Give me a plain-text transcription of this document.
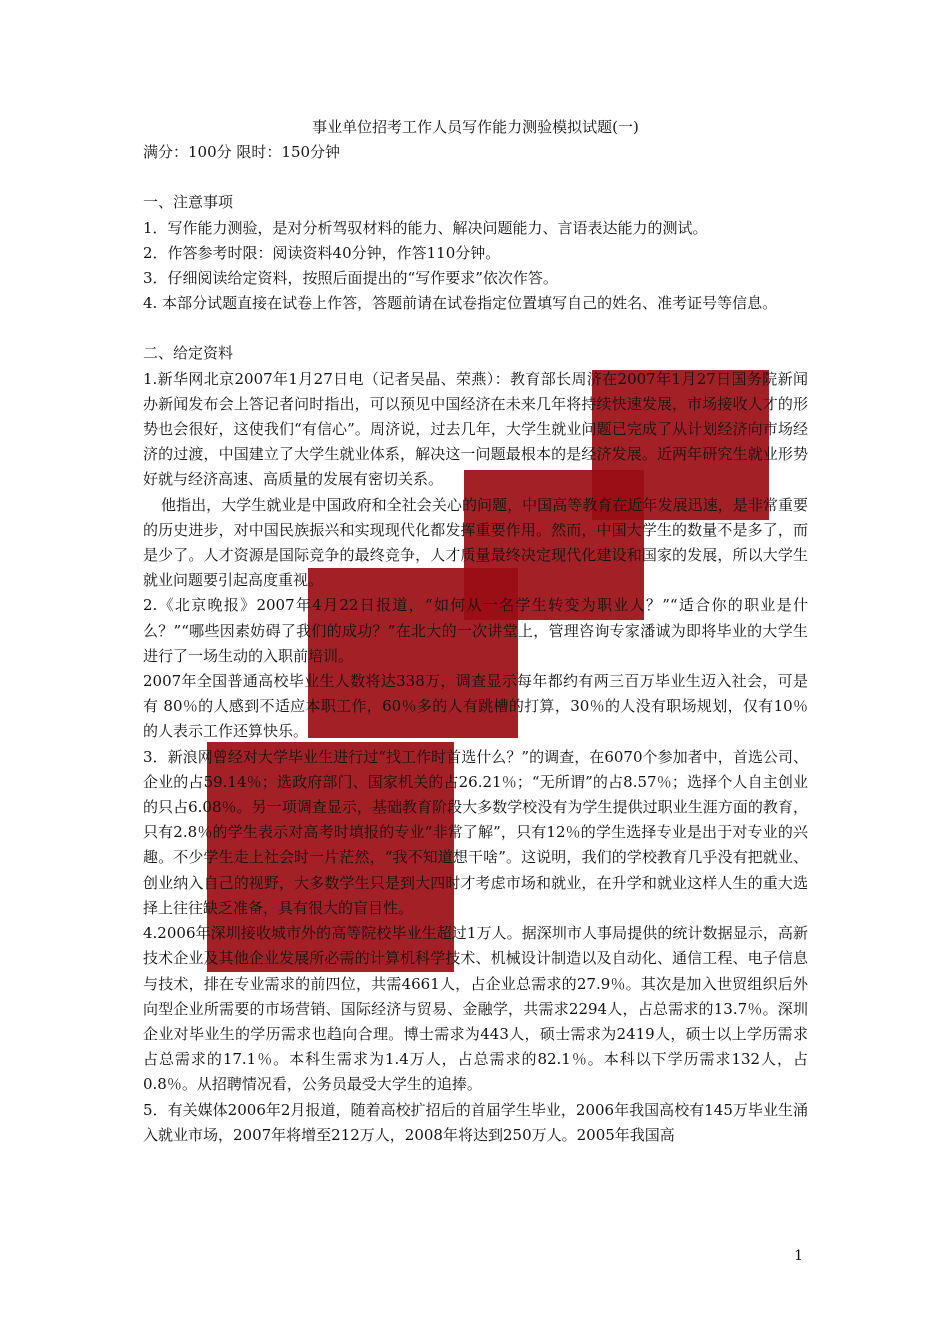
事业单位招考工作人员写作能力测验模拟试题(一)

满分：100分 限时：150分钟

一、注意事项

1．写作能力测验，是对分析驾驭材料的能力、解决问题能力、言语表达能力的测试。

2．作答参考时限：阅读资料40分钟，作答110分钟。

3．仔细阅读给定资料，按照后面提出的“写作要求”依次作答。

4. 本部分试题直接在试卷上作答，答题前请在试卷指定位置填写自己的姓名、准考证号等信息。

二、给定资料

1.新华网北京2007年1月27日电（记者吴晶、荣燕）：教育部长周济在2007年1月27日国务院新闻办新闻发布会上答记者问时指出，可以预见中国经济在未来几年将持续快速发展，市场接收人才的形势也会很好，这使我们“有信心”。周济说，过去几年，大学生就业问题已完成了从计划经济向市场经济的过渡，中国建立了大学生就业体系，解决这一问题最根本的是经济发展。近两年研究生就业形势好就与经济高速、高质量的发展有密切关系。

他指出，大学生就业是中国政府和全社会关心的问题，中国高等教育在近年发展迅速，是非常重要的历史进步，对中国民族振兴和实现现代化都发挥重要作用。然而，中国大学生的数量不是多了，而是少了。人才资源是国际竞争的最终竞争，人才质量最终决定现代化建设和国家的发展，所以大学生就业问题要引起高度重视。

2.《北京晚报》2007年4月22日报道，“如何从一名学生转变为职业人？”“适合你的职业是什么？”“哪些因素妨碍了我们的成功？”在北大的一次讲堂上，管理咨询专家潘诚为即将毕业的大学生进行了一场生动的入职前培训。

2007年全国普通高校毕业生人数将达338万，调查显示每年都约有两三百万毕业生迈入社会，可是有 80％的人感到不适应本职工作，60％多的人有跳槽的打算，30％的人没有职场规划，仅有10％的人表示工作还算快乐。

3．新浪网曾经对大学毕业生进行过“找工作时首选什么？”的调查，在6070个参加者中，首选公司、企业的占59.14％；选政府部门、国家机关的占26.21％；“无所谓”的占8.57％；选择个人自主创业的只占6.08％。另一项调查显示，基础教育阶段大多数学校没有为学生提供过职业生涯方面的教育，只有2.8％的学生表示对高考时填报的专业“非常了解”，只有12％的学生选择专业是出于对专业的兴趣。不少学生走上社会时一片茫然，“我不知道想干啥”。这说明，我们的学校教育几乎没有把就业、创业纳入自己的视野，大多数学生只是到大四时才考虑市场和就业，在升学和就业这样人生的重大选择上往往缺乏准备，具有很大的盲目性。

4.2006年深圳接收城市外的高等院校毕业生超过1万人。据深圳市人事局提供的统计数据显示，高新技术企业及其他企业发展所必需的计算机科学技术、机械设计制造以及自动化、通信工程、电子信息与技术，排在专业需求的前四位，共需4661人，占企业总需求的27.9％。其次是加入世贸组织后外向型企业所需要的市场营销、国际经济与贸易、金融学，共需求2294人，占总需求的13.7％。深圳企业对毕业生的学历需求也趋向合理。博士需求为443人，硕士需求为2419人，硕士以上学历需求占总需求的17.1％。本科生需求为1.4万人，占总需求的82.1％。本科以下学历需求132人，占0.8％。从招聘情况看，公务员最受大学生的追捧。

5．有关媒体2006年2月报道，随着高校扩招后的首届学生毕业，2006年我国高校有145万毕业生涌入就业市场，2007年将增至212万人，2008年将达到250万人。2005年我国高

1
